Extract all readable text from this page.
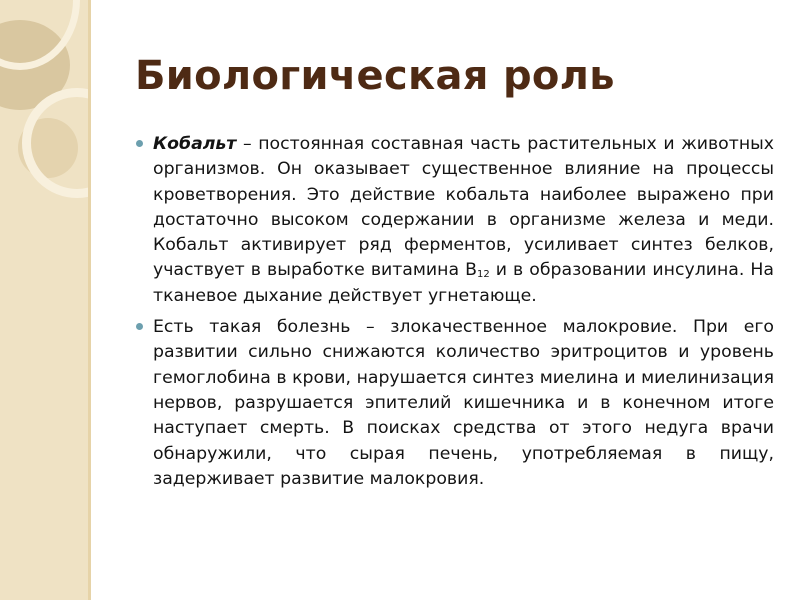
Биологическая роль

Кобальт – постоянная составная часть растительных и животных организмов. Он оказывает существенное влияние на процессы кроветворения. Это действие кобальта наиболее выражено при достаточно высоком содержании в организме железа и меди. Кобальт активирует ряд ферментов, усиливает синтез белков, участвует в выработке витамина $В_{12}$ и в образовании инсулина. На тканевое дыхание действует угнетающе.

Есть такая болезнь – злокачественное малокровие. При его развитии сильно снижаются количество эритроцитов и уровень гемоглобина в крови, нарушается синтез миелина и миелинизация нервов, разрушается эпителий кишечника и в конечном итоге наступает смерть. В поисках средства от этого недуга врачи обнаружили, что сырая печень, употребляемая в пищу, задерживает развитие малокровия.
